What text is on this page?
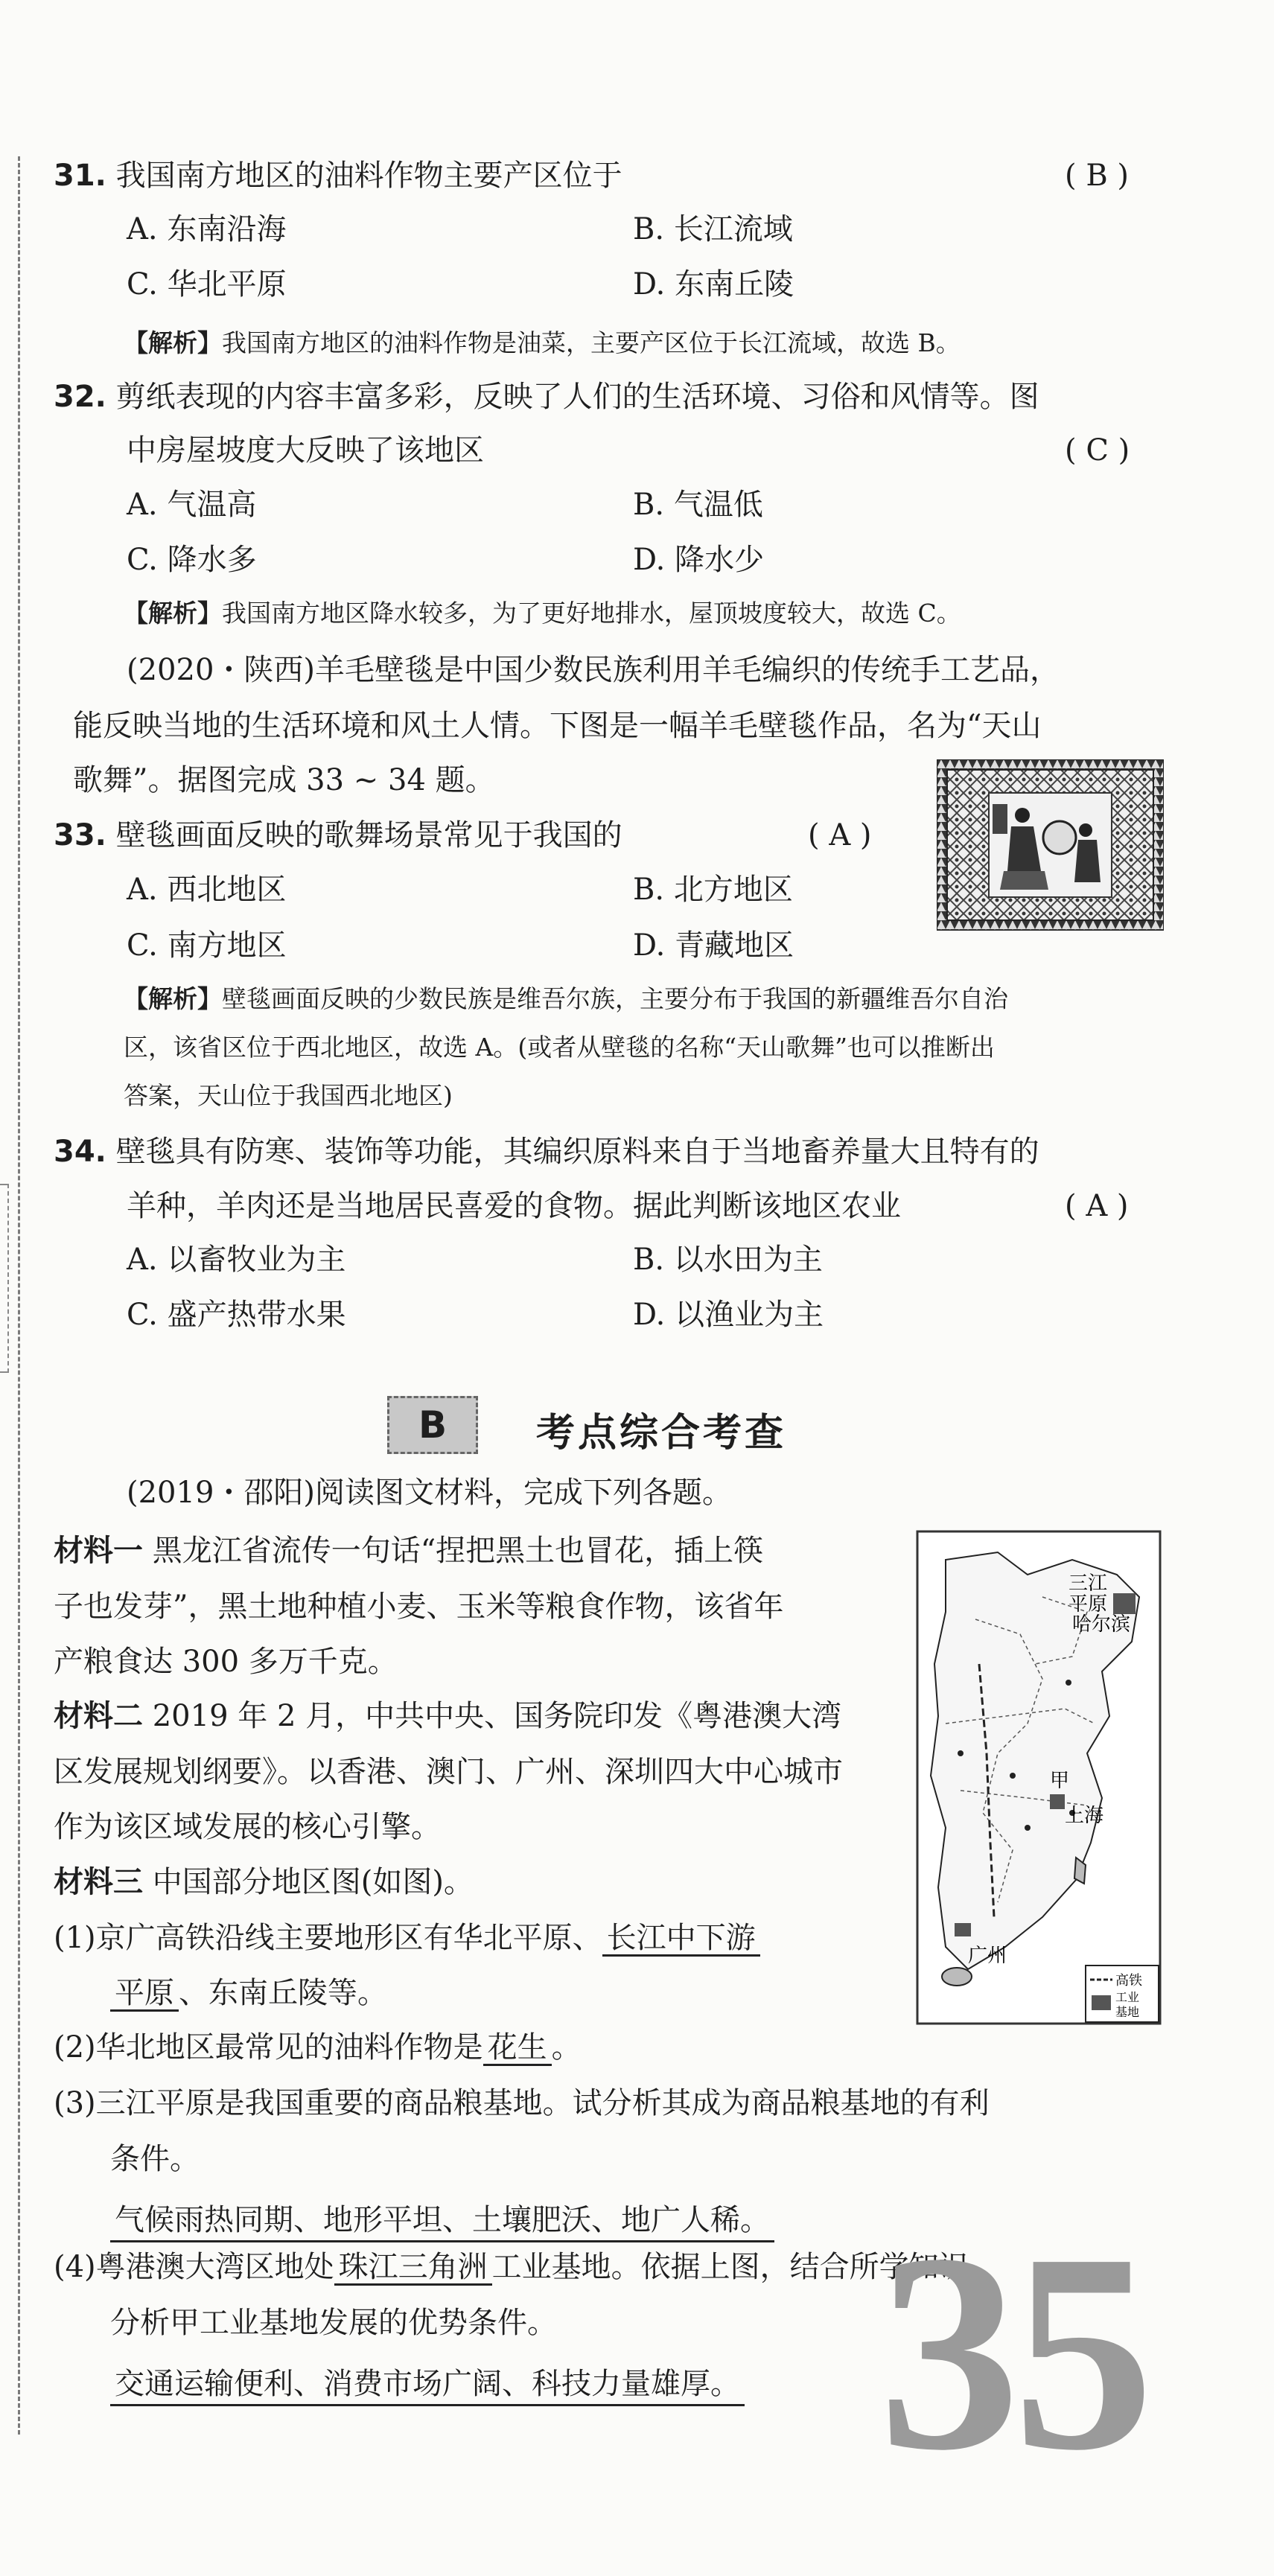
31. 我国南方地区的油料作物主要产区位于	( B )
A. 东南沿海	B. 长江流域
C. 华北平原	D. 东南丘陵
【解析】我国南方地区的油料作物是油菜，主要产区位于长江流域，故选 B。
32. 剪纸表现的内容丰富多彩，反映了人们的生活环境、习俗和风情等。图
中房屋坡度大反映了该地区	( C )
A. 气温高	B. 气温低
C. 降水多	D. 降水少
【解析】我国南方地区降水较多，为了更好地排水，屋顶坡度较大，故选 C。
(2020・陕西)羊毛壁毯是中国少数民族利用羊毛编织的传统手工艺品，
能反映当地的生活环境和风土人情。下图是一幅羊毛壁毯作品，名为“天山
歌舞”。据图完成 33 ~ 34 题。
33. 壁毯画面反映的歌舞场景常见于我国的	( A )
A. 西北地区	B. 北方地区
C. 南方地区	D. 青藏地区
【解析】壁毯画面反映的少数民族是维吾尔族，主要分布于我国的新疆维吾尔自治
区，该省区位于西北地区，故选 A。(或者从壁毯的名称“天山歌舞”也可以推断出
答案，天山位于我国西北地区)
34. 壁毯具有防寒、装饰等功能，其编织原料来自于当地畜养量大且特有的
羊种，羊肉还是当地居民喜爱的食物。据此判断该地区农业	( A )
A. 以畜牧业为主	B. 以水田为主
C. 盛产热带水果	D. 以渔业为主
B	考点综合考查
(2019・邵阳)阅读图文材料，完成下列各题。
材料一 黑龙江省流传一句话“捏把黑土也冒花，插上筷
子也发芽”，黑土地种植小麦、玉米等粮食作物，该省年
产粮食达 300 多万千克。
材料二 2019 年 2 月，中共中央、国务院印发《粤港澳大湾
区发展规划纲要》。以香港、澳门、广州、深圳四大中心城市
作为该区域发展的核心引擎。
材料三 中国部分地区图(如图)。
三江
平原
哈尔滨
甲
上海
广州
高铁
工业
基地
(1)京广高铁沿线主要地形区有华北平原、 长江中下游
平原 、东南丘陵等。
(2)华北地区最常见的油料作物是 花生 。
(3)三江平原是我国重要的商品粮基地。试分析其成为商品粮基地的有利
条件。
气候雨热同期、地形平坦、土壤肥沃、地广人稀。
(4)粤港澳大湾区地处 珠江三角洲 工业基地。依据上图，结合所学知识，
分析甲工业基地发展的优势条件。
交通运输便利、消费市场广阔、科技力量雄厚。 35
